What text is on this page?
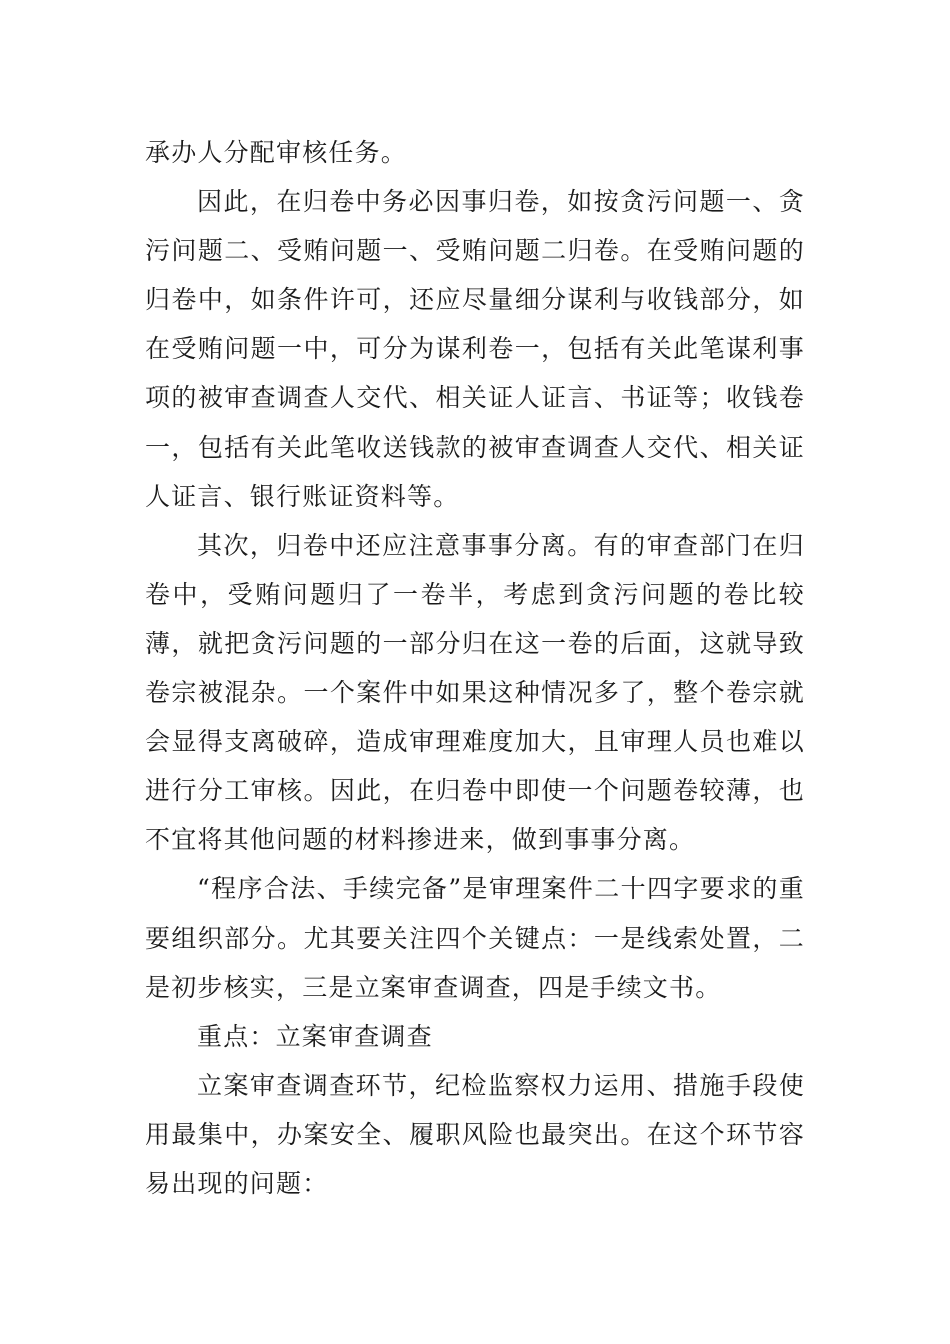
承办人分配审核任务。

因此，在归卷中务必因事归卷，如按贪污问题一、贪污问题二、受贿问题一、受贿问题二归卷。在受贿问题的归卷中，如条件许可，还应尽量细分谋利与收钱部分，如在受贿问题一中，可分为谋利卷一，包括有关此笔谋利事项的被审查调查人交代、相关证人证言、书证等；收钱卷一，包括有关此笔收送钱款的被审查调查人交代、相关证人证言、银行账证资料等。

其次，归卷中还应注意事事分离。有的审查部门在归卷中，受贿问题归了一卷半，考虑到贪污问题的卷比较薄，就把贪污问题的一部分归在这一卷的后面，这就导致卷宗被混杂。一个案件中如果这种情况多了，整个卷宗就会显得支离破碎，造成审理难度加大，且审理人员也难以进行分工审核。因此，在归卷中即使一个问题卷较薄，也不宜将其他问题的材料掺进来，做到事事分离。

“程序合法、手续完备”是审理案件二十四字要求的重要组织部分。尤其要关注四个关键点：一是线索处置，二是初步核实，三是立案审查调查，四是手续文书。

重点：立案审查调查

立案审查调查环节，纪检监察权力运用、措施手段使用最集中，办案安全、履职风险也最突出。在这个环节容易出现的问题：
